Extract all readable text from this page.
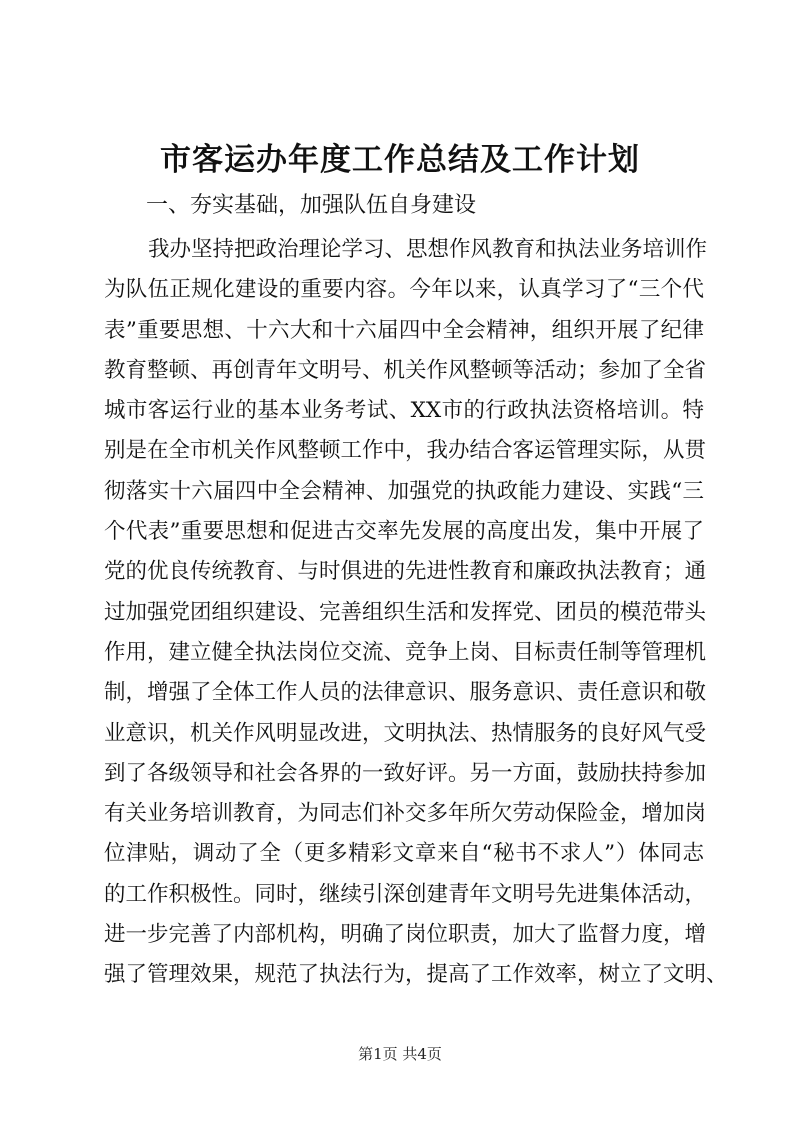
市客运办年度工作总结及工作计划

一、夯实基础，加强队伍自身建设

我办坚持把政治理论学习、思想作风教育和执法业务培训作
为队伍正规化建设的重要内容。今年以来，认真学习了“三个代
表”重要思想、十六大和十六届四中全会精神，组织开展了纪律
教育整顿、再创青年文明号、机关作风整顿等活动；参加了全省
城市客运行业的基本业务考试、XX市的行政执法资格培训。特
别是在全市机关作风整顿工作中，我办结合客运管理实际，从贯
彻落实十六届四中全会精神、加强党的执政能力建设、实践“三
个代表”重要思想和促进古交率先发展的高度出发，集中开展了
党的优良传统教育、与时俱进的先进性教育和廉政执法教育；通
过加强党团组织建设、完善组织生活和发挥党、团员的模范带头
作用，建立健全执法岗位交流、竞争上岗、目标责任制等管理机
制，增强了全体工作人员的法律意识、服务意识、责任意识和敬
业意识，机关作风明显改进，文明执法、热情服务的良好风气受
到了各级领导和社会各界的一致好评。另一方面，鼓励扶持参加
有关业务培训教育，为同志们补交多年所欠劳动保险金，增加岗
位津贴，调动了全（更多精彩文章来自“秘书不求人”）体同志
的工作积极性。同时，继续引深创建青年文明号先进集体活动，
进一步完善了内部机构，明确了岗位职责，加大了监督力度，增
强了管理效果，规范了执法行为，提高了工作效率，树立了文明、
第1页 共4页
